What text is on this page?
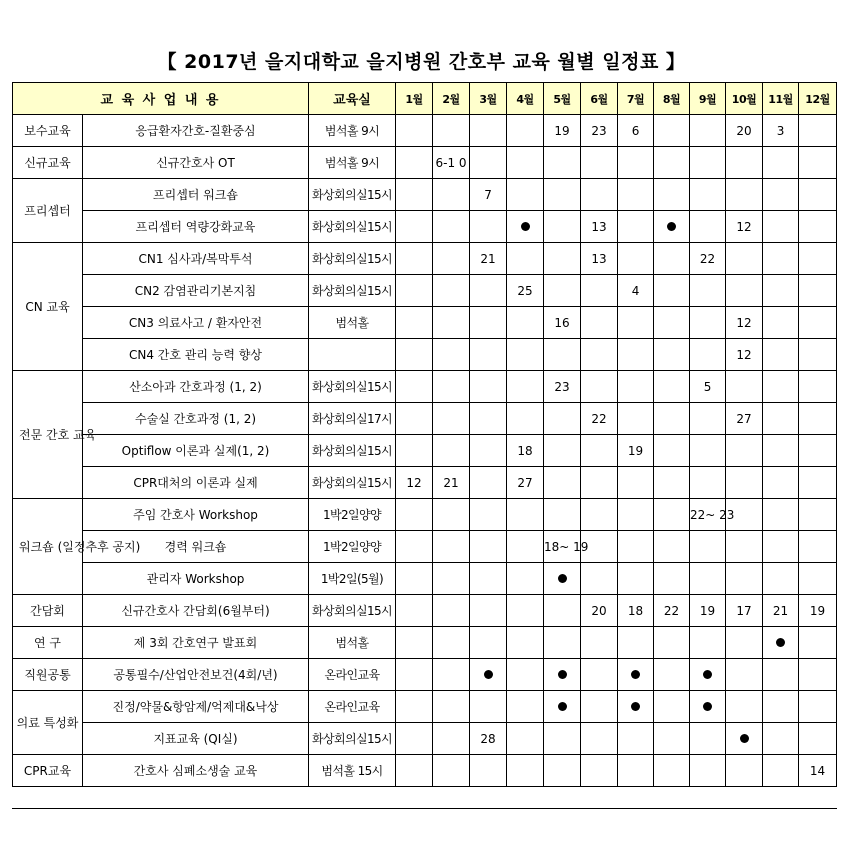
【 2017년 을지대학교 을지병원 간호부 교육 월별 일정표 】
교 육 사 업 내 용		교육실	1월	2월	3월	4월	5월	6월	7월	8월	9월	10월	11월	12월
보수교육	응급환자간호-질환중심	범석홀 9시					19	23	6			20	3	
신규교육	신규간호사 OT	범석홀 9시		6-1 0										
프리셉터	프리셉터 워크숍	화상회의실15시			7									
	프리셉터 역량강화교육	화상회의실15시						13				12		
CN 교육	CN1 심사과/복막투석	화상회의실15시			21			13			22			
	CN2 감염관리기본지침	화상회의실15시				25			4					
	CN3 의료사고 / 환자안전	범석홀					16					12		
	CN4 간호 관리 능력 향상											12		
전문 간호 교육	산소아과 간호과정 (1, 2)	화상회의실15시					23				5			
	수술실 간호과정 (1, 2)	화상회의실17시						22				27		
	Optiflow 이론과 실제(1, 2)	화상회의실15시				18			19					
	CPR대처의 이론과 실제	화상회의실15시	12	21		27								
워크숍 (일정추후 공지)	주임 간호사 Workshop	1박2일양양									22~ 23			
	경력 워크숍	1박2일양양					18~ 19							
	관리자 Workshop	1박2일(5월)												
간담회	신규간호사 간담회(6월부터)	화상회의실15시						20	18	22	19	17	21	19
연 구	제 3회 간호연구 발표회	범석홀												
직원공통	공통필수/산업안전보건(4회/년)	온라인교육												
의료 특성화	진정/약물&항암제/억제대&낙상	온라인교육												
	지표교육 (QI실)	화상회의실15시			28									
CPR교육	간호사 심폐소생술 교육	범석홀 15시												14
